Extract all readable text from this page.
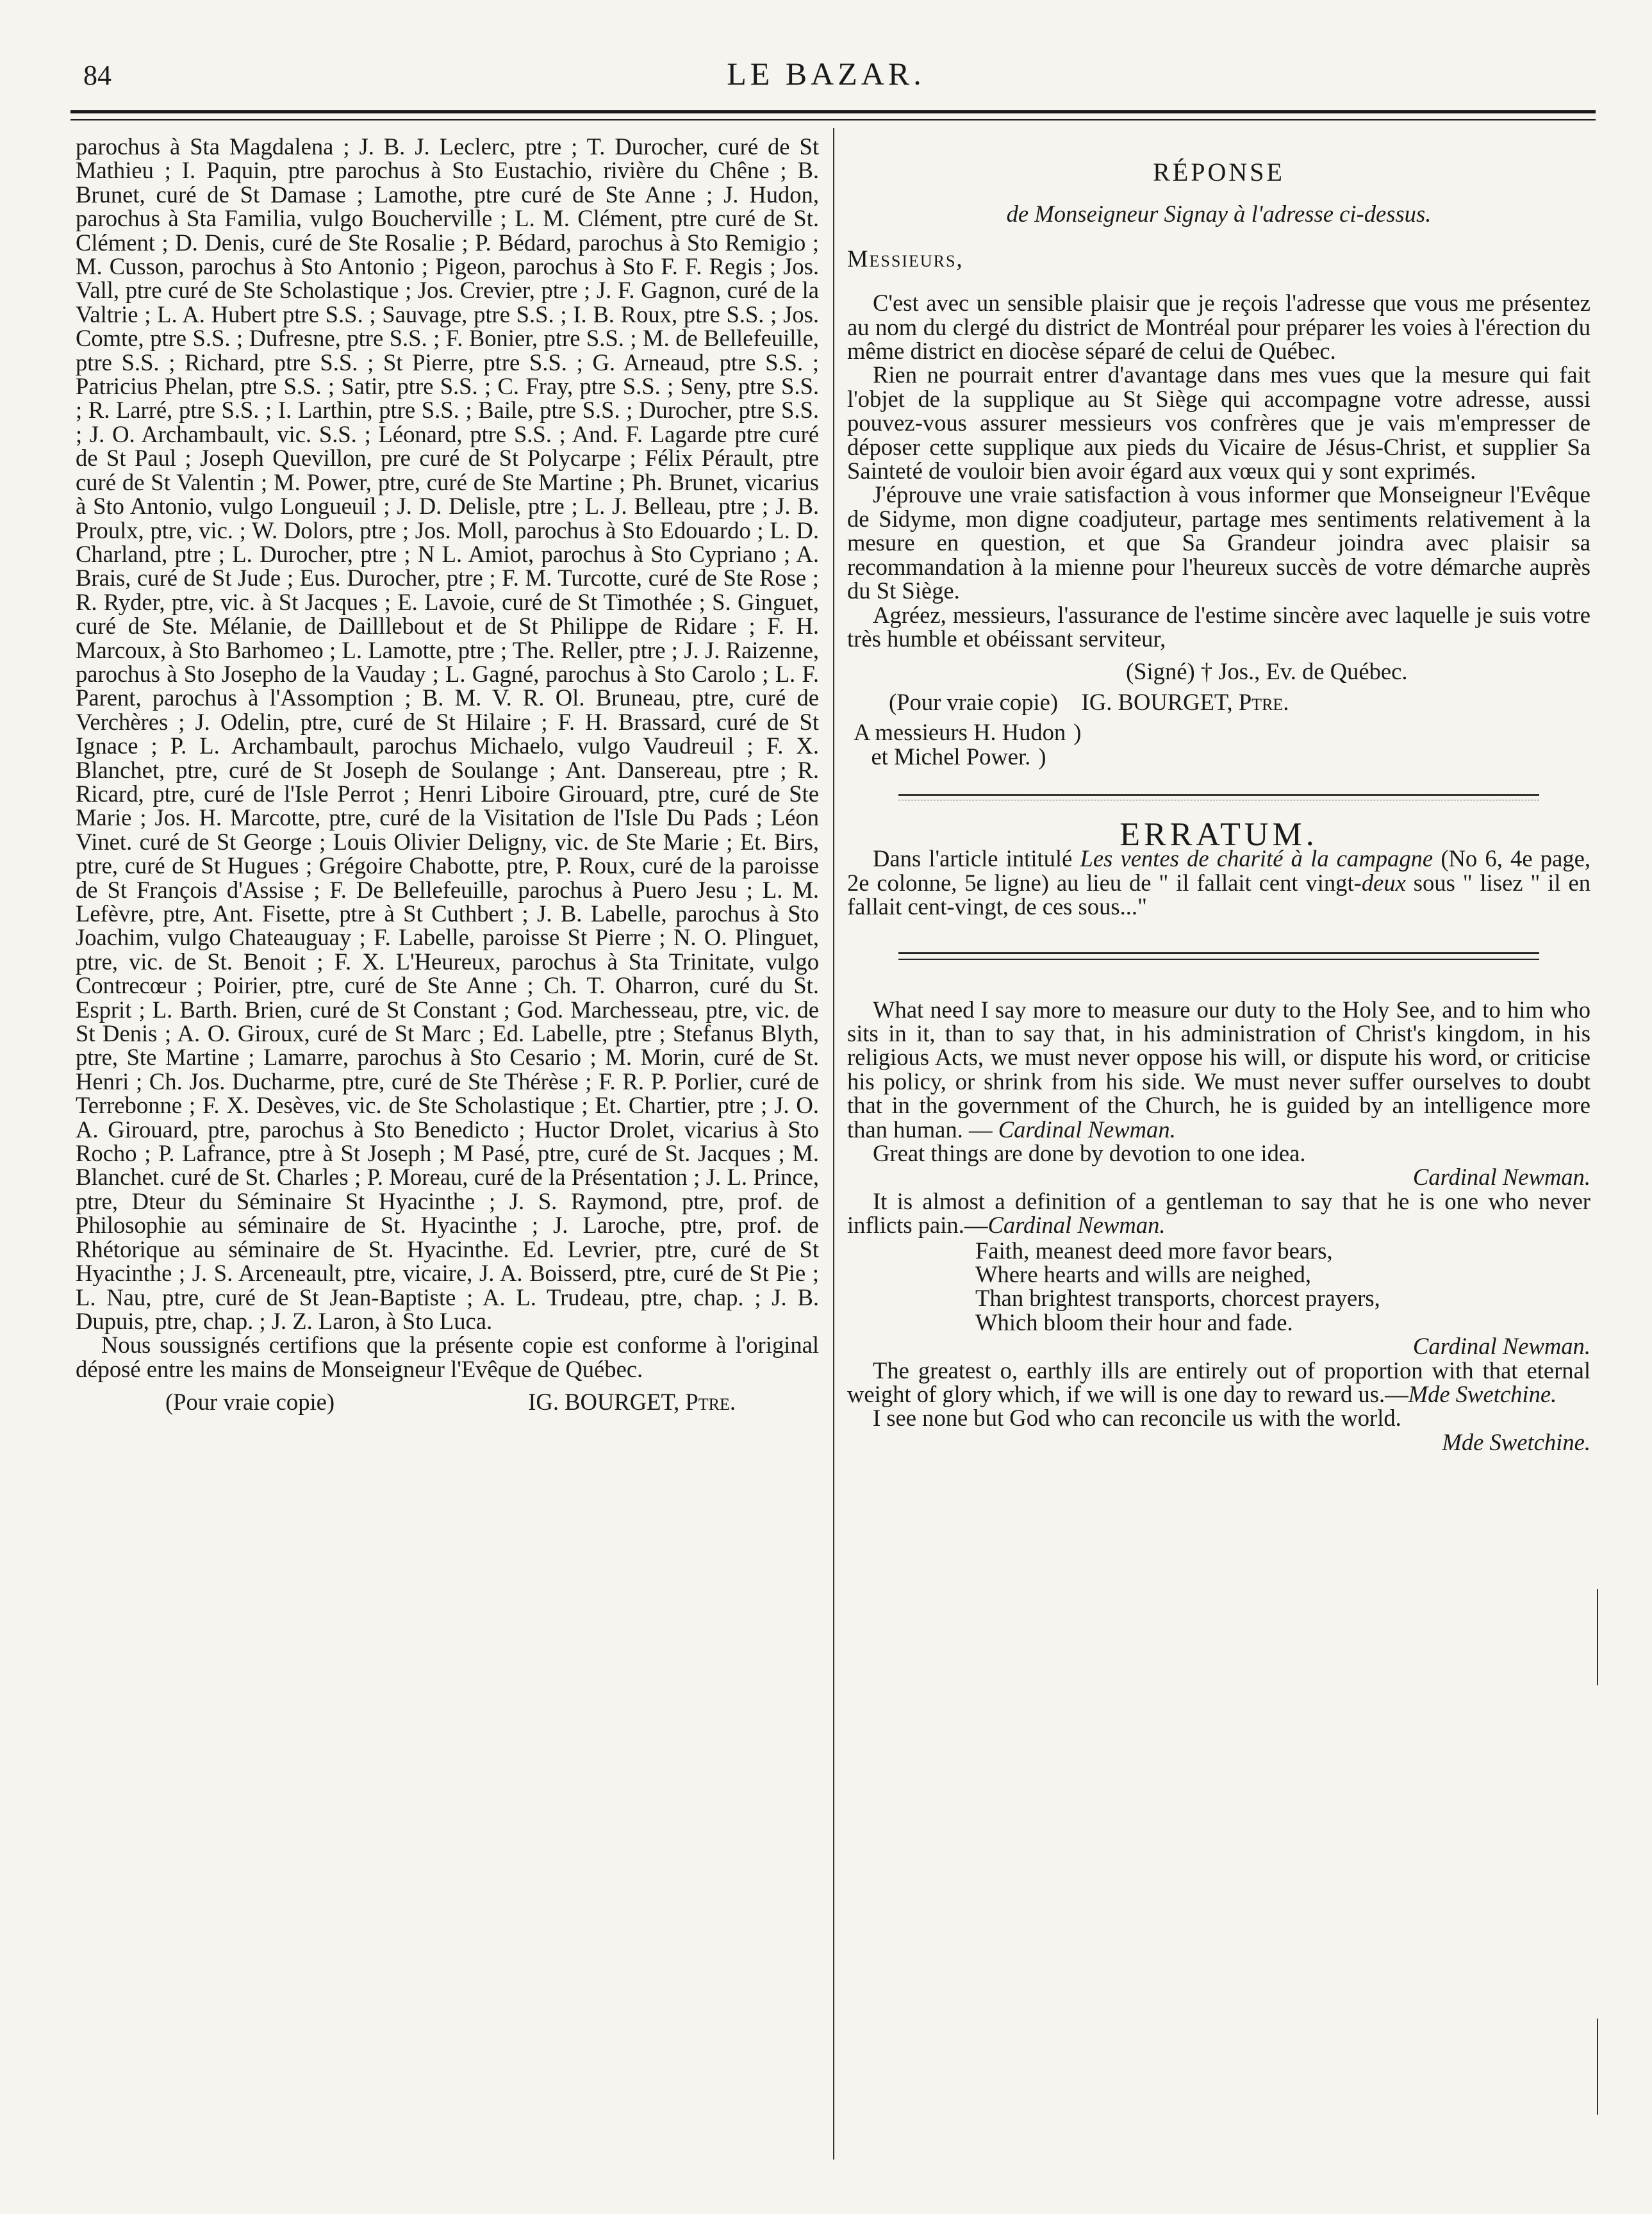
84	LE BAZAR.

parochus à Sta Magdalena ; J. B. J. Leclerc, ptre ; T. Durocher, curé de St Mathieu ; I. Paquin, ptre parochus à Sto Eustachio, rivière du Chêne ; B. Brunet, curé de St Damase ; Lamothe, ptre curé de Ste Anne ; J. Hudon, parochus à Sta Familia, vulgo Boucherville ; L. M. Clément, ptre curé de St. Clément ; D. Denis, curé de Ste Rosalie ; P. Bédard, parochus à Sto Remigio ; M. Cusson, parochus à Sto Antonio ; Pigeon, parochus à Sto F. F. Regis ; Jos. Vall, ptre curé de Ste Scholastique ; Jos. Crevier, ptre ; J. F. Gagnon, curé de la Valtrie ; L. A. Hubert ptre S.S. ; Sauvage, ptre S.S. ; I. B. Roux, ptre S.S. ; Jos. Comte, ptre S.S. ; Dufresne, ptre S.S. ; F. Bonier, ptre S.S. ; M. de Bellefeuille, ptre S.S. ; Richard, ptre S.S. ; St Pierre, ptre S.S. ; G. Arneaud, ptre S.S. ; Patricius Phelan, ptre S.S. ; Satir, ptre S.S. ; C. Fray, ptre S.S. ; Seny, ptre S.S. ; R. Larré, ptre S.S. ; I. Larthin, ptre S.S. ; Baile, ptre S.S. ; Durocher, ptre S.S. ; J. O. Archambault, vic. S.S. ; Léonard, ptre S.S. ; And. F. Lagarde ptre curé de St Paul ; Joseph Quevillon, pre curé de St Polycarpe ; Félix Pérault, ptre curé de St Valentin ; M. Power, ptre, curé de Ste Martine ; Ph. Brunet, vicarius à Sto Antonio, vulgo Longueuil ; J. D. Delisle, ptre ; L. J. Belleau, ptre ; J. B. Proulx, ptre, vic. ; W. Dolors, ptre ; Jos. Moll, parochus à Sto Edouardo ; L. D. Charland, ptre ; L. Durocher, ptre ; N L. Amiot, parochus à Sto Cypriano ; A. Brais, curé de St Jude ; Eus. Durocher, ptre ; F. M. Turcotte, curé de Ste Rose ; R. Ryder, ptre, vic. à St Jacques ; E. Lavoie, curé de St Timothée ; S. Ginguet, curé de Ste. Mélanie, de Dailllebout et de St Philippe de Ridare ; F. H. Marcoux, à Sto Barhomeo ; L. Lamotte, ptre ; The. Reller, ptre ; J. J. Raizenne, parochus à Sto Josepho de la Vauday ; L. Gagné, parochus à Sto Carolo ; L. F. Parent, parochus à l'Assomption ; B. M. V. R. Ol. Bruneau, ptre, curé de Verchères ; J. Odelin, ptre, curé de St Hilaire ; F. H. Brassard, curé de St Ignace ; P. L. Archambault, parochus Michaelo, vulgo Vaudreuil ; F. X. Blanchet, ptre, curé de St Joseph de Soulange ; Ant. Dansereau, ptre ; R. Ricard, ptre, curé de l'Isle Perrot ; Henri Liboire Girouard, ptre, curé de Ste Marie ; Jos. H. Marcotte, ptre, curé de la Visitation de l'Isle Du Pads ; Léon Vinet. curé de St George ; Louis Olivier Deligny, vic. de Ste Marie ; Et. Birs, ptre, curé de St Hugues ; Grégoire Chabotte, ptre, P. Roux, curé de la paroisse de St François d'Assise ; F. De Bellefeuille, parochus à Puero Jesu ; L. M. Lefèvre, ptre, Ant. Fisette, ptre à St Cuthbert ; J. B. Labelle, parochus à Sto Joachim, vulgo Chateauguay ; F. Labelle, paroisse St Pierre ; N. O. Plinguet, ptre, vic. de St. Benoit ; F. X. L'Heureux, parochus à Sta Trinitate, vulgo Contrecœur ; Poirier, ptre, curé de Ste Anne ; Ch. T. Oharron, curé du St. Esprit ; L. Barth. Brien, curé de St Constant ; God. Marchesseau, ptre, vic. de St Denis ; A. O. Giroux, curé de St Marc ; Ed. Labelle, ptre ; Stefanus Blyth, ptre, Ste Martine ; Lamarre, parochus à Sto Cesario ; M. Morin, curé de St. Henri ; Ch. Jos. Ducharme, ptre, curé de Ste Thérèse ; F. R. P. Porlier, curé de Terrebonne ; F. X. Desèves, vic. de Ste Scholastique ; Et. Chartier, ptre ; J. O. A. Girouard, ptre, parochus à Sto Benedicto ; Huctor Drolet, vicarius à Sto Rocho ; P. Lafrance, ptre à St Joseph ; M Pasé, ptre, curé de St. Jacques ; M. Blanchet. curé de St. Charles ; P. Moreau, curé de la Présentation ; J. L. Prince, ptre, Dteur du Séminaire St Hyacinthe ; J. S. Raymond, ptre, prof. de Philosophie au séminaire de St. Hyacinthe ; J. Laroche, ptre, prof. de Rhétorique au séminaire de St. Hyacinthe. Ed. Levrier, ptre, curé de St Hyacinthe ; J. S. Arceneault, ptre, vicaire, J. A. Boisserd, ptre, curé de St Pie ; L. Nau, ptre, curé de St Jean-Baptiste ; A. L. Trudeau, ptre, chap. ; J. B. Dupuis, ptre, chap. ; J. Z. Laron, à Sto Luca.

Nous soussignés certifions que la présente copie est conforme à l'original déposé entre les mains de Monseigneur l'Evêque de Québec.

(Pour vraie copie)	IG. BOURGET, Ptre.
RÉPONSE
de Monseigneur Signay à l'adresse ci-dessus.
Messieurs,

C'est avec un sensible plaisir que je reçois l'adresse que vous me présentez au nom du clergé du district de Montréal pour préparer les voies à l'érection du même district en diocèse séparé de celui de Québec.

Rien ne pourrait entrer d'avantage dans mes vues que la mesure qui fait l'objet de la supplique au St Siège qui accompagne votre adresse, aussi pouvez-vous assurer messieurs vos confrères que je vais m'empresser de déposer cette supplique aux pieds du Vicaire de Jésus-Christ, et supplier Sa Sainteté de vouloir bien avoir égard aux vœux qui y sont exprimés.

J'éprouve une vraie satisfaction à vous informer que Monseigneur l'Evêque de Sidyme, mon digne coadjuteur, partage mes sentiments relativement à la mesure en question, et que Sa Grandeur joindra avec plaisir sa recommandation à la mienne pour l'heureux succès de votre démarche auprès du St Siège.

Agréez, messieurs, l'assurance de l'estime sincère avec laquelle je suis votre très humble et obéissant serviteur,

(Signé) † Jos., Ev. de Québec.
(Pour vraie copie) IG. BOURGET, Ptre.
A messieurs H. Hudon )
et Michel Power. )
ERRATUM.

Dans l'article intitulé Les ventes de charité à la campagne (No 6, 4e page, 2e colonne, 5e ligne) au lieu de " il fallait cent vingt-deux sous " lisez " il en fallait cent-vingt, de ces sous..."

What need I say more to measure our duty to the Holy See, and to him who sits in it, than to say that, in his administration of Christ's kingdom, in his religious Acts, we must never oppose his will, or dispute his word, or criticise his policy, or shrink from his side. We must never suffer ourselves to doubt that in the government of the Church, he is guided by an intelligence more than human. — Cardinal Newman.

Great things are done by devotion to one idea.

Cardinal Newman.

It is almost a definition of a gentleman to say that he is one who never inflicts pain.—Cardinal Newman.

Faith, meanest deed more favor bears,
Where hearts and wills are neighed,
Than brightest transports, chorcest prayers,
Which bloom their hour and fade.
Cardinal Newman.

The greatest o, earthly ills are entirely out of proportion with that eternal weight of glory which, if we will is one day to reward us.—Mde Swetchine.

I see none but God who can reconcile us with the world.

Mde Swetchine.
